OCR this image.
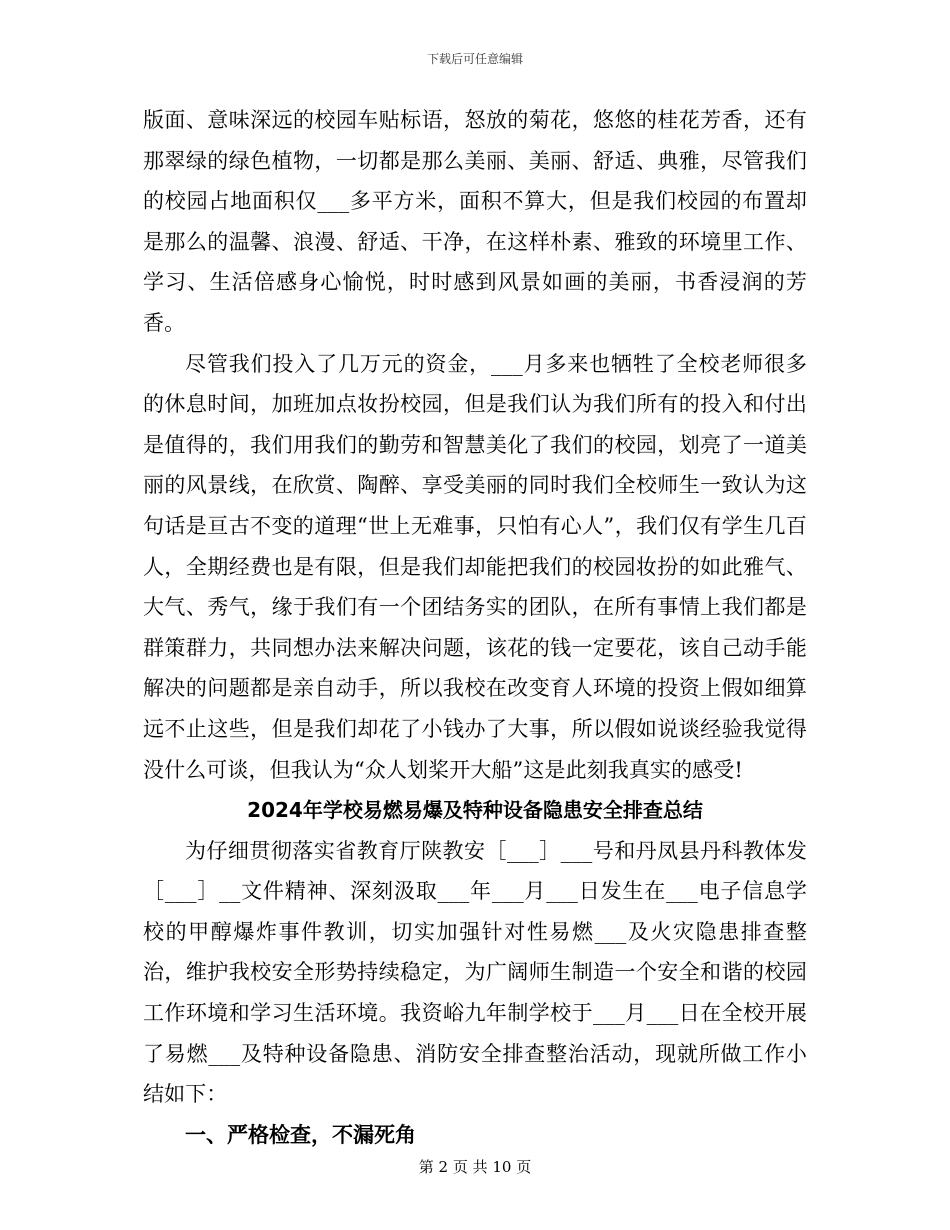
下载后可任意编辑

版面、意味深远的校园车贴标语，怒放的菊花，悠悠的桂花芳香，还有那翠绿的绿色植物，一切都是那么美丽、美丽、舒适、典雅，尽管我们的校园占地面积仅___多平方米，面积不算大，但是我们校园的布置却是那么的温馨、浪漫、舒适、干净，在这样朴素、雅致的环境里工作、学习、生活倍感身心愉悦，时时感到风景如画的美丽，书香浸润的芳香。

尽管我们投入了几万元的资金，___月多来也牺牲了全校老师很多的休息时间，加班加点妆扮校园，但是我们认为我们所有的投入和付出是值得的，我们用我们的勤劳和智慧美化了我们的校园，划亮了一道美丽的风景线，在欣赏、陶醉、享受美丽的同时我们全校师生一致认为这句话是亘古不变的道理“世上无难事，只怕有心人”，我们仅有学生几百人，全期经费也是有限，但是我们却能把我们的校园妆扮的如此雅气、大气、秀气，缘于我们有一个团结务实的团队，在所有事情上我们都是群策群力，共同想办法来解决问题，该花的钱一定要花，该自己动手能解决的问题都是亲自动手，所以我校在改变育人环境的投资上假如细算远不止这些，但是我们却花了小钱办了大事，所以假如说谈经验我觉得没什么可谈，但我认为“众人划桨开大船”这是此刻我真实的感受!

2024年学校易燃易爆及特种设备隐患安全排查总结

为仔细贯彻落实省教育厅陕教安［___］___号和丹凤县丹科教体发［___］__文件精神、深刻汲取___年___月___日发生在___电子信息学校的甲醇爆炸事件教训，切实加强针对性易燃___及火灾隐患排查整治，维护我校安全形势持续稳定，为广阔师生制造一个安全和谐的校园工作环境和学习生活环境。我资峪九年制学校于___月___日在全校开展了易燃___及特种设备隐患、消防安全排查整治活动，现就所做工作小结如下：

一、严格检查，不漏死角

第 2 页 共 10 页
